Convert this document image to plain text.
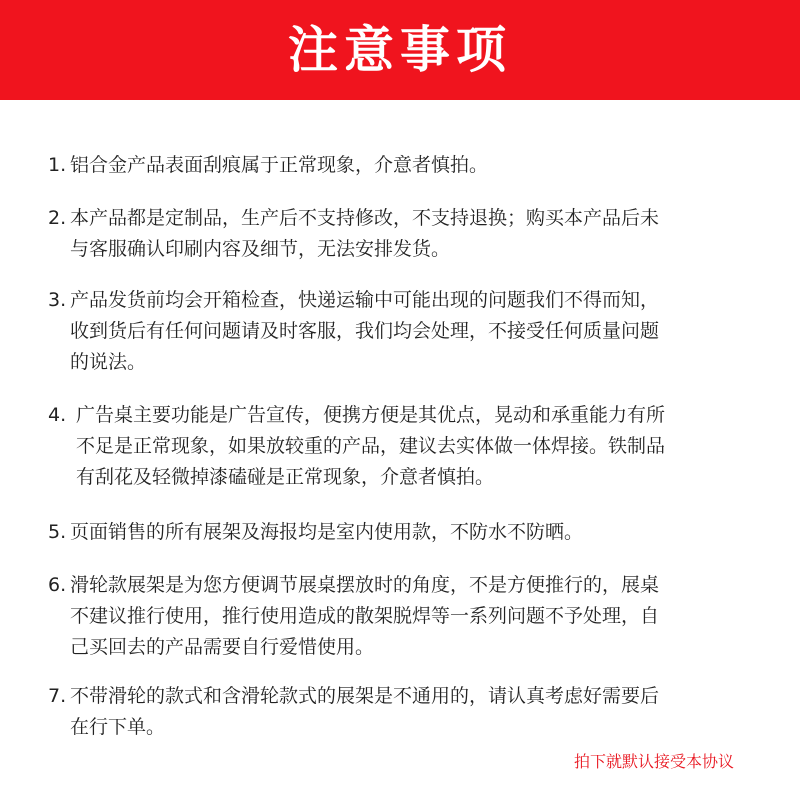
注意事项
1. 铝合金产品表面刮痕属于正常现象，介意者慎拍。
2. 本产品都是定制品，生产后不支持修改，不支持退换；购买本产品后未
与客服确认印刷内容及细节，无法安排发货。
3. 产品发货前均会开箱检查，快递运输中可能出现的问题我们不得而知，
收到货后有任何问题请及时客服，我们均会处理，不接受任何质量问题
的说法。
4. 广告桌主要功能是广告宣传，便携方便是其优点，晃动和承重能力有所
不足是正常现象，如果放较重的产品，建议去实体做一体焊接。铁制品
有刮花及轻微掉漆磕碰是正常现象，介意者慎拍。
5. 页面销售的所有展架及海报均是室内使用款，不防水不防晒。
6. 滑轮款展架是为您方便调节展桌摆放时的角度，不是方便推行的，展桌
不建议推行使用，推行使用造成的散架脱焊等一系列问题不予处理，自
己买回去的产品需要自行爱惜使用。
7. 不带滑轮的款式和含滑轮款式的展架是不通用的，请认真考虑好需要后
在行下单。
拍下就默认接受本协议
